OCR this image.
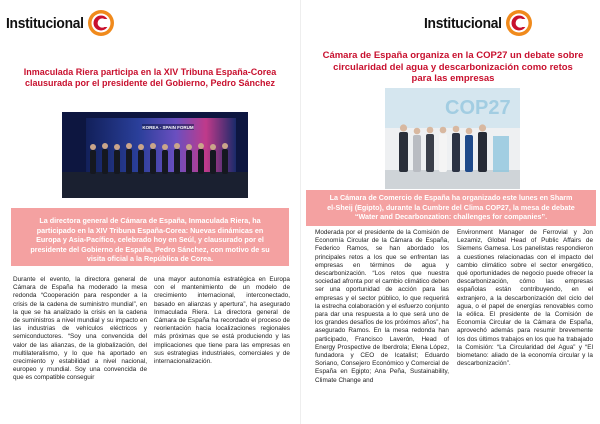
Institucional
Inmaculada Riera participa en la XIV Tribuna España-Corea clausurada por el presidente del Gobierno, Pedro Sánchez
KOREA - SPAIN FORUM
La directora general de Cámara de España, Inmaculada Riera, ha participado en la XIV Tribuna España-Corea: Nuevas dinámicas en Europa y Asia-Pacífico, celebrado hoy en Seúl, y clausurado por el presidente del Gobierno de España, Pedro Sánchez, con motivo de su visita oficial a la República de Corea.
Durante el evento, la directora general de Cámara de España ha moderado la mesa redonda “Cooperación para responder a la crisis de la cadena de suministro mundial”, en la que se ha analizado la crisis en la cadena de suministros a nivel mundial y su impacto en las industrias de vehículos eléctricos y semiconductores. “Soy una convencida del valor de las alianzas, de la globalización, del multilateralismo, y lo que ha aportado en crecimiento y estabilidad a nivel nacional, europeo y mundial. Soy una convencida de que es compatible conseguir
una mayor autonomía estratégica en Europa con el mantenimiento de un modelo de crecimiento internacional, interconectado, basado en alianzas y apertura”, ha asegurado Inmaculada Riera. La directora general de Cámara de España ha recordado el proceso de reorientación hacia localizaciones regionales más próximas que se está produciendo y las implicaciones que tiene para las empresas en sus estrategias industriales, comerciales y de internacionalización.
Institucional
Cámara de España organiza en la COP27 un debate sobre circularidad del agua y descarbonización como retos para las empresas
COP27
La Cámara de Comercio de España ha organizado este lunes en Sharm el-Sheij (Egipto), durante la Cumbre del Clima COP27, la mesa de debate “Water and Decarbonzation: challenges for companies”.
Moderada por el presidente de la Comisión de Economía Circular de la Cámara de España, Federico Ramos, se han abordado los principales retos a los que se enfrentan las empresas en términos de agua y descarbonización. “Los retos que nuestra sociedad afronta por el cambio climático deben ser una oportunidad de acción para las empresas y el sector público, lo que requerirá la estrecha colaboración y el esfuerzo conjunto para dar una respuesta a lo que será uno de los grandes desafíos de los próximos años”, ha asegurado Ramos. En la mesa redonda han participado, Francisco Laverón, Head of Energy Prospective de Iberdrola; Elena López, fundadora y CEO de Icatalist; Eduardo Soriano, Consejero Económico y Comercial de España en Egipto; Ana Peña, Sustainability, Climate Change and
Environment Manager de Ferrovial y Jon Lezamiz, Global Head of Public Affairs de Siemens Gamesa. Los panelistas respondieron a cuestiones relacionadas con el impacto del cambio climático sobre el sector energético, qué oportunidades de negocio puede ofrecer la descarbonización, cómo las empresas españolas están contribuyendo, en el extranjero, a la descarbonización del ciclo del agua, o el papel de energías renovables como la eólica. El presidente de la Comisión de Economía Circular de la Cámara de España, aprovechó además para resumir brevemente los dos últimos trabajos en los que ha trabajado la Comisión: “La Circularidad del Agua” y “El biometano: aliado de la economía circular y la descarbonización”.
